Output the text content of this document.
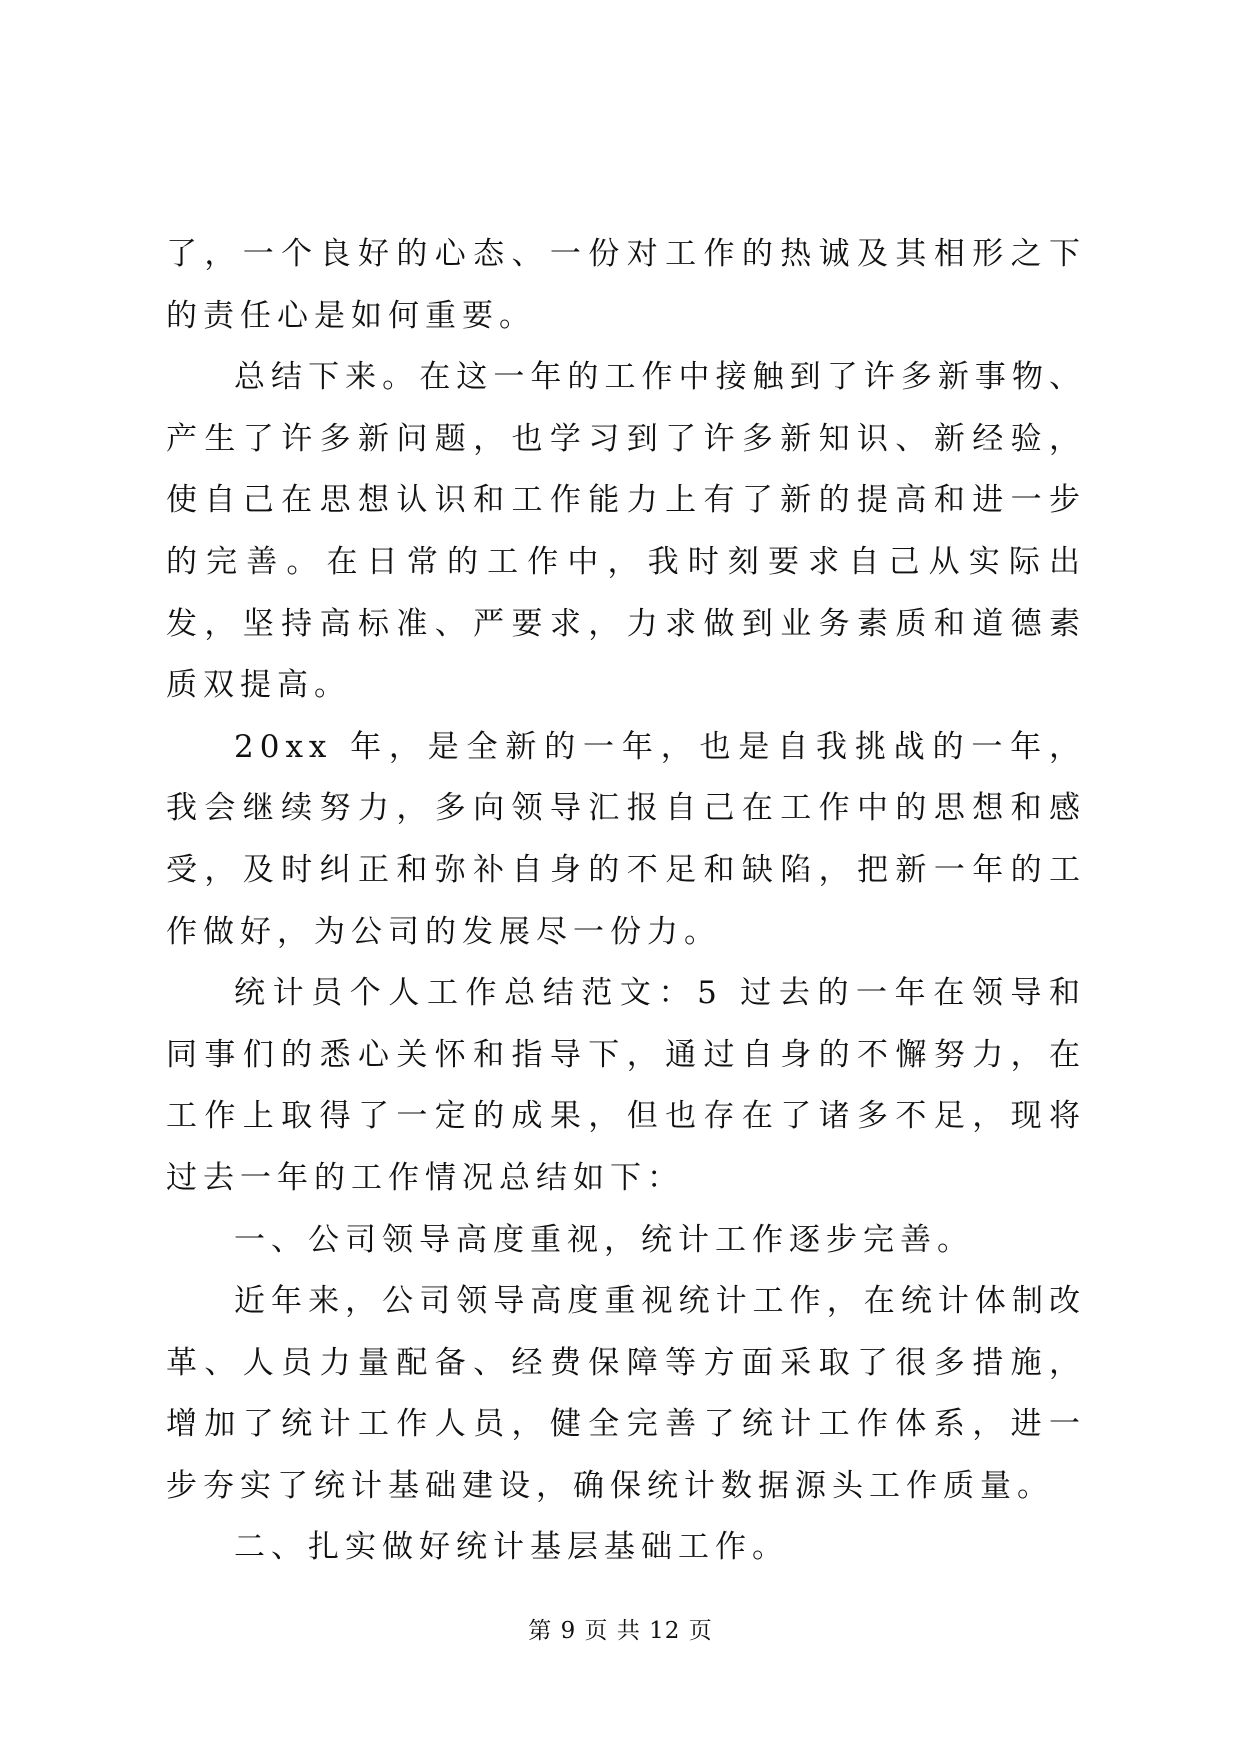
了，一个良好的心态、一份对工作的热诚及其相形之下的责任心是如何重要。

总结下来。在这一年的工作中接触到了许多新事物、产生了许多新问题，也学习到了许多新知识、新经验，使自己在思想认识和工作能力上有了新的提高和进一步的完善。在日常的工作中，我时刻要求自己从实际出发，坚持高标准、严要求，力求做到业务素质和道德素质双提高。

20xx 年，是全新的一年，也是自我挑战的一年，我会继续努力，多向领导汇报自己在工作中的思想和感受，及时纠正和弥补自身的不足和缺陷，把新一年的工作做好，为公司的发展尽一份力。

统计员个人工作总结范文：5 过去的一年在领导和同事们的悉心关怀和指导下，通过自身的不懈努力，在工作上取得了一定的成果，但也存在了诸多不足，现将过去一年的工作情况总结如下：

一、公司领导高度重视，统计工作逐步完善。

近年来，公司领导高度重视统计工作，在统计体制改革、人员力量配备、经费保障等方面采取了很多措施，增加了统计工作人员，健全完善了统计工作体系，进一步夯实了统计基础建设，确保统计数据源头工作质量。

二、扎实做好统计基层基础工作。

第 9 页 共 12 页
